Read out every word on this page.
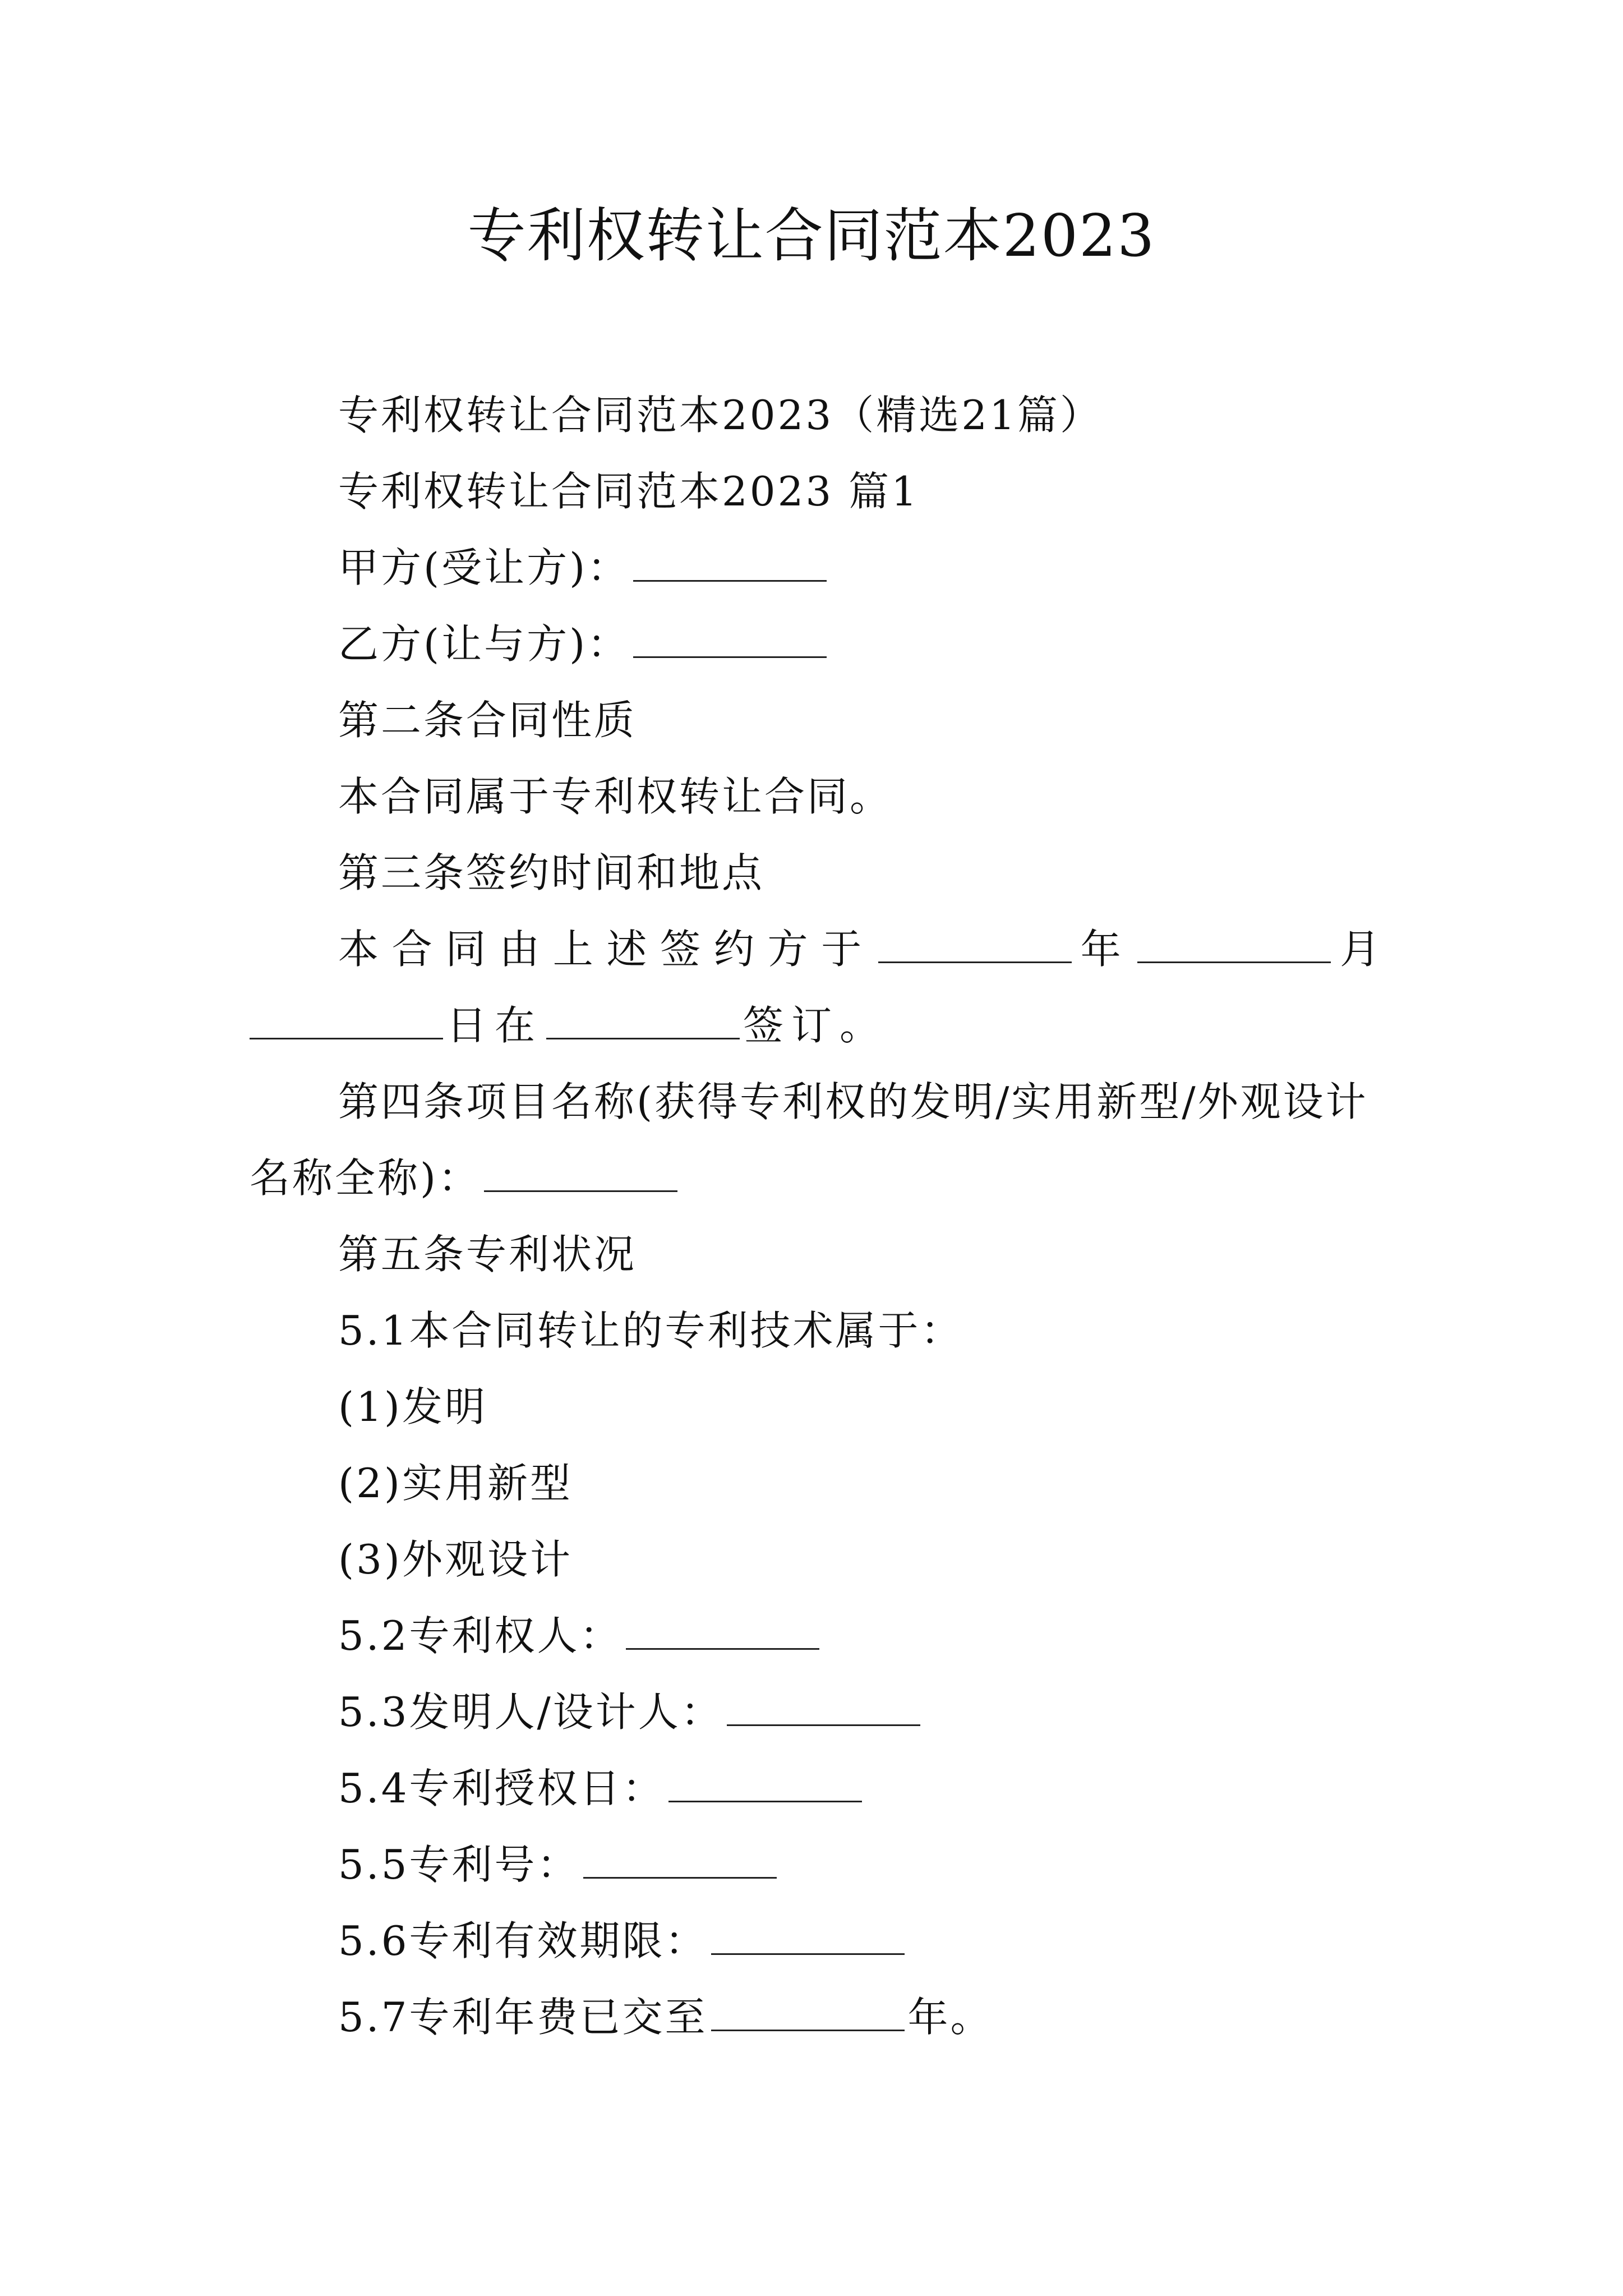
专利权转让合同范本2023
专利权转让合同范本2023（精选21篇）
专利权转让合同范本2023 篇1
甲方(受让方)：
乙方(让与方)：
第二条合同性质
本合同属于专利权转让合同。
第三条签约时间和地点
本合同由上述签约方于	年	月日在	签订。
第四条项目名称(获得专利权的发明/实用新型/外观设计名称全称)：
第五条专利状况
5.1本合同转让的专利技术属于：
(1)发明
(2)实用新型
(3)外观设计
5.2专利权人：
5.3发明人/设计人：
5.4专利授权日：
5.5专利号：
5.6专利有效期限：
5.7专利年费已交至	年。
